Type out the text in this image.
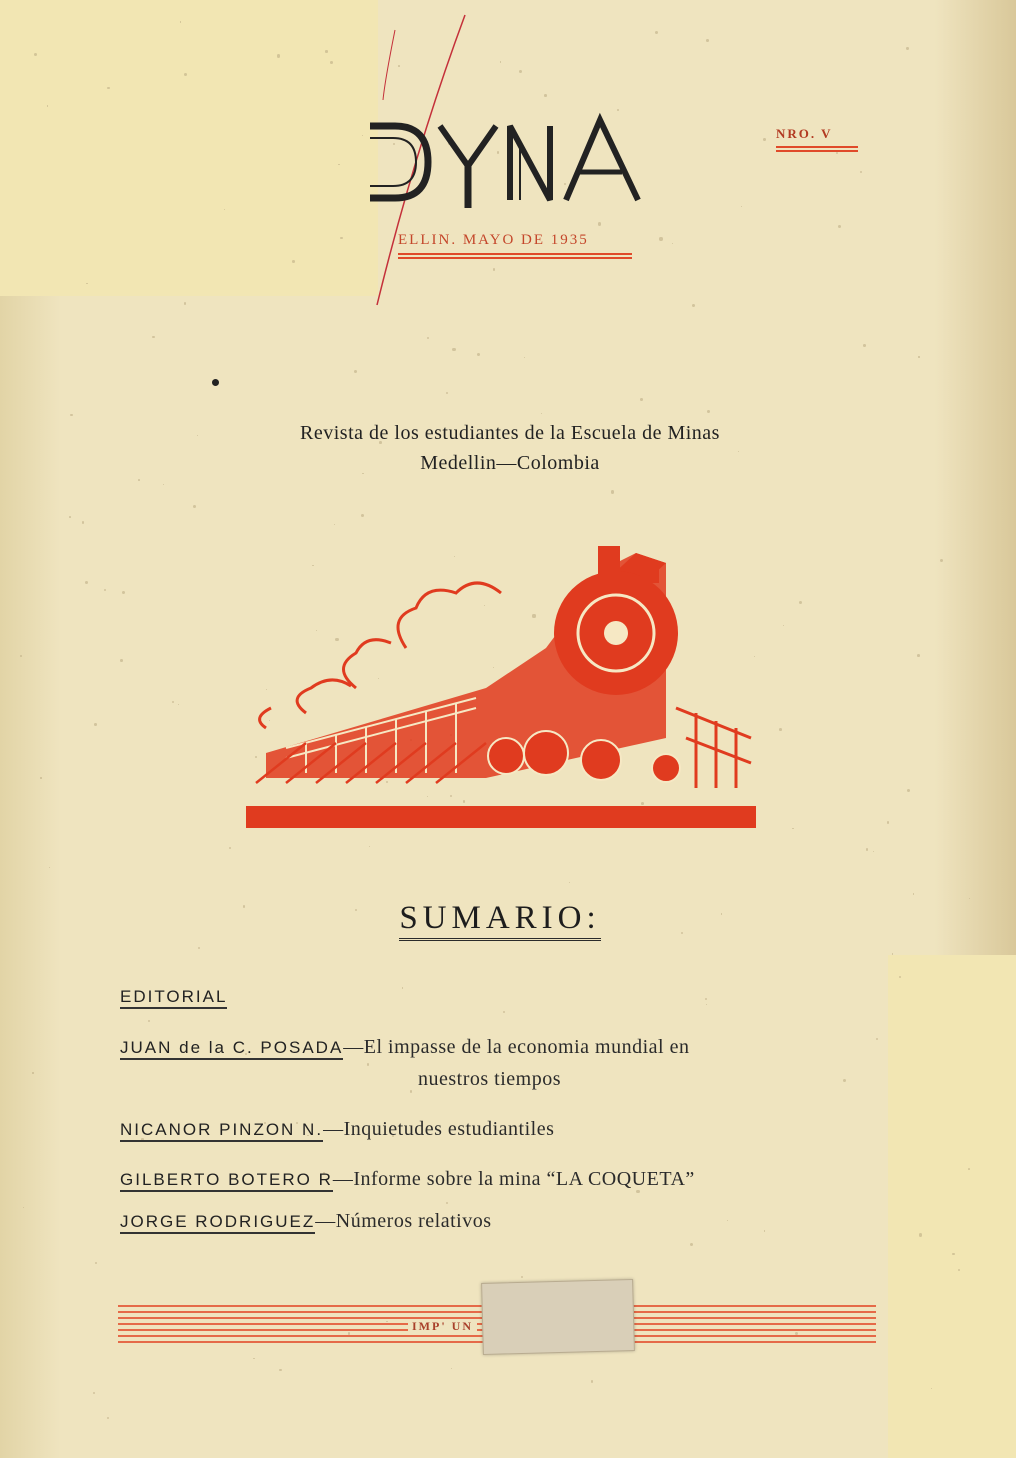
NRO. V
ELLIN. MAYO DE 1935
Revista de los estudiantes de la Escuela de Minas
Medellin—Colombia
SUMARIO:
EDITORIAL
JUAN de la C. POSADA—El impasse de la economia mundial en
nuestros tiempos
NICANOR PINZON N.—Inquietudes estudiantiles
GILBERTO BOTERO R—Informe sobre la mina “LA COQUETA”
JORGE RODRIGUEZ—Números relativos
IMP' UN
